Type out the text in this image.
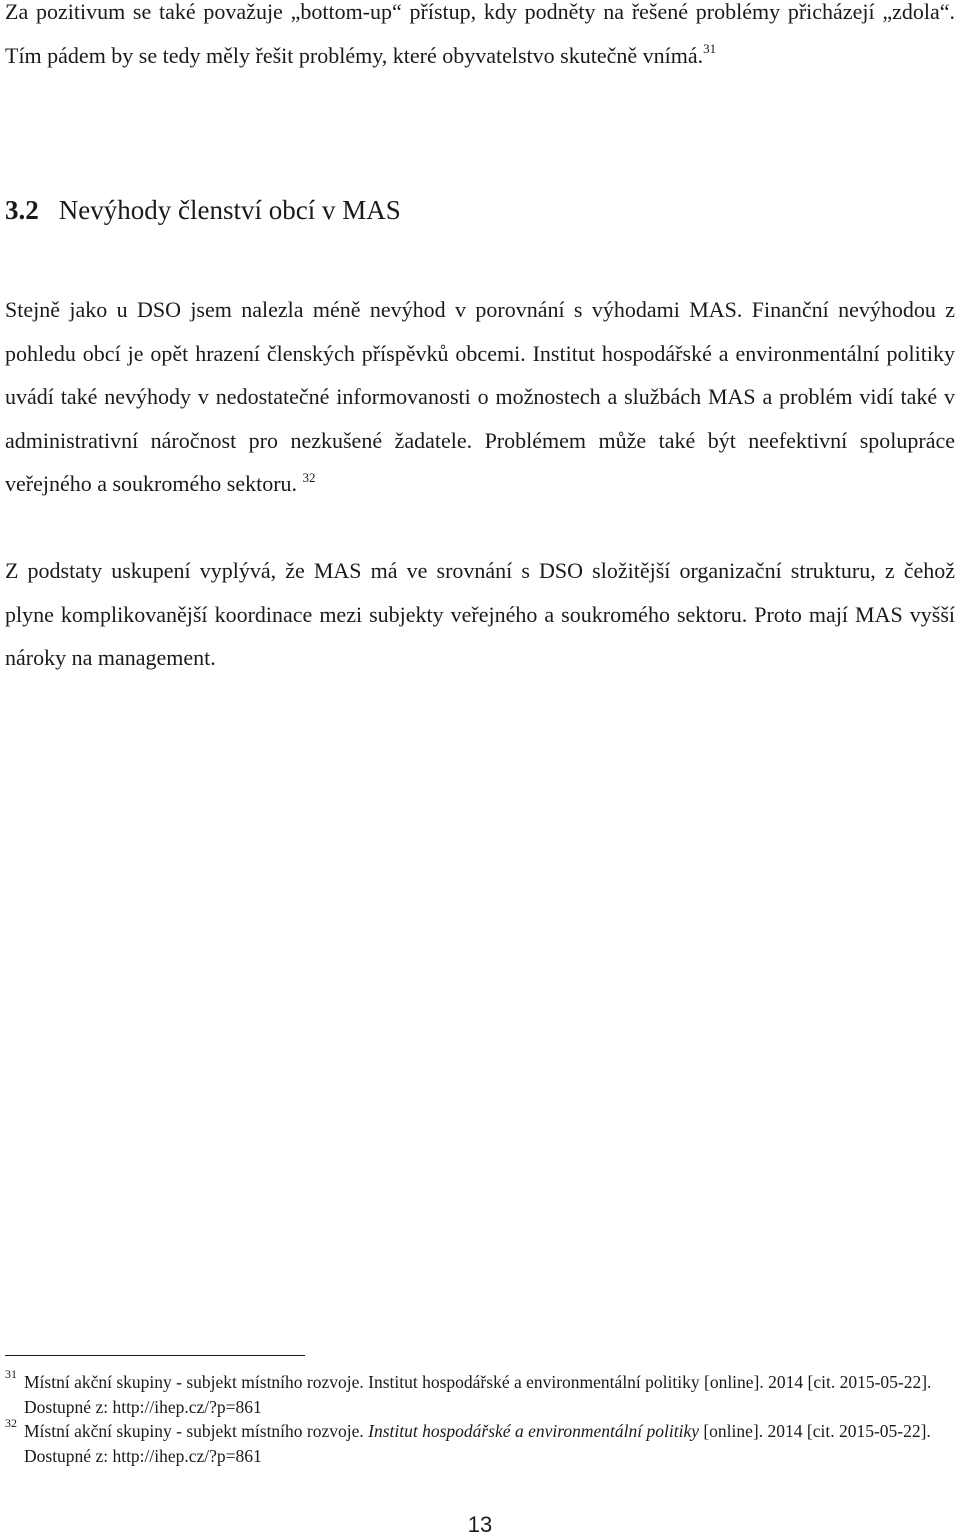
Za pozitivum se také považuje „bottom-up“ přístup, kdy podněty na řešené problémy přicházejí „zdola“. Tím pádem by se tedy měly řešit problémy, které obyvatelstvo skutečně vnímá.$^{31}$

3.2 Nevýhody členství obcí v MAS

Stejně jako u DSO jsem nalezla méně nevýhod v porovnání s výhodami MAS. Finanční nevýhodou z pohledu obcí je opět hrazení členských příspěvků obcemi. Institut hospodářské a environmentální politiky uvádí také nevýhody v nedostatečné informovanosti o možnostech a službách MAS a problém vidí také v administrativní náročnost pro nezkušené žadatele. Problémem může také být neefektivní spolupráce veřejného a soukromého sektoru. $^{32}$

Z podstaty uskupení vyplývá, že MAS má ve srovnání s DSO složitější organizační strukturu, z čehož plyne komplikovanější koordinace mezi subjekty veřejného a soukromého sektoru. Proto mají MAS vyšší nároky na management.

31 Místní akční skupiny - subjekt místního rozvoje. Institut hospodářské a environmentální politiky [online]. 2014 [cit. 2015-05-22]. Dostupné z: http://ihep.cz/?p=861

32 Místní akční skupiny - subjekt místního rozvoje. Institut hospodářské a environmentální politiky [online]. 2014 [cit. 2015-05-22]. Dostupné z: http://ihep.cz/?p=861

13
